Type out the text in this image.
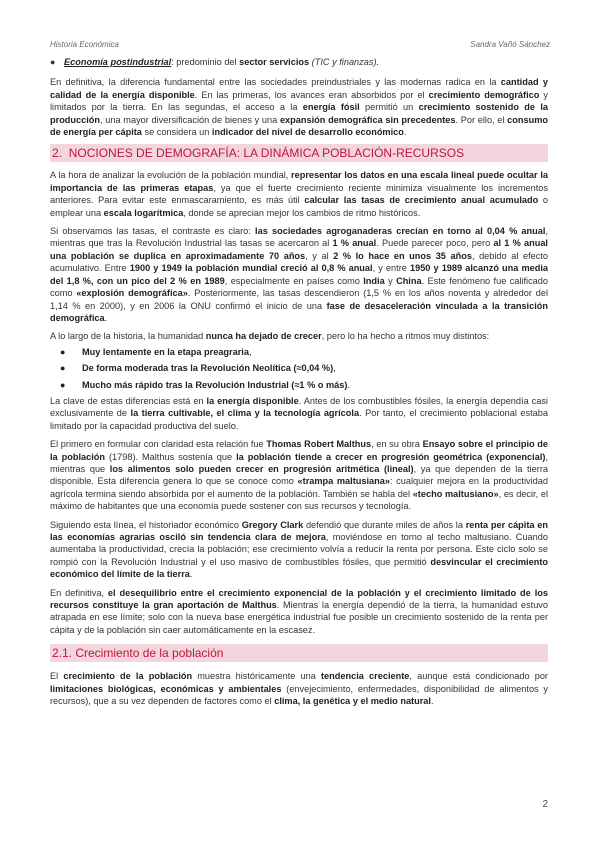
Historia Económica	Sandra Vañó Sánchez
● Economía postindustrial: predominio del sector servicios (TIC y finanzas).

En definitiva, la diferencia fundamental entre las sociedades preindustriales y las modernas radica en la cantidad y calidad de la energía disponible. En las primeras, los avances eran absorbidos por el crecimiento demográfico y limitados por la tierra. En las segundas, el acceso a la energía fósil permitió un crecimiento sostenido de la producción, una mayor diversificación de bienes y una expansión demográfica sin precedentes. Por ello, el consumo de energía per cápita se considera un indicador del nivel de desarrollo económico.

2. NOCIONES DE DEMOGRAFÍA: LA DINÁMICA POBLACIÓN-RECURSOS

A la hora de analizar la evolución de la población mundial, representar los datos en una escala lineal puede ocultar la importancia de las primeras etapas, ya que el fuerte crecimiento reciente minimiza visualmente los incrementos anteriores. Para evitar este enmascaramiento, es más útil calcular las tasas de crecimiento anual acumulado o emplear una escala logarítmica, donde se aprecian mejor los cambios de ritmo históricos.

Si observamos las tasas, el contraste es claro: las sociedades agroganaderas crecían en torno al 0,04 % anual, mientras que tras la Revolución Industrial las tasas se acercaron al 1 % anual. Puede parecer poco, pero al 1 % anual una población se duplica en aproximadamente 70 años, y al 2 % lo hace en unos 35 años, debido al efecto acumulativo. Entre 1900 y 1949 la población mundial creció al 0,8 % anual, y entre 1950 y 1989 alcanzó una media del 1,8 %, con un pico del 2 % en 1989, especialmente en países como India y China. Este fenómeno fue calificado como «explosión demográfica». Posteriormente, las tasas descendieron (1,5 % en los años noventa y alrededor del 1,14 % en 2000), y en 2006 la ONU confirmó el inicio de una fase de desaceleración vinculada a la transición demográfica.

A lo largo de la historia, la humanidad nunca ha dejado de crecer, pero lo ha hecho a ritmos muy distintos:

●	Muy lentamente en la etapa preagraria,
●	De forma moderada tras la Revolución Neolítica (≈0,04 %),
●	Mucho más rápido tras la Revolución Industrial (≈1 % o más).

La clave de estas diferencias está en la energía disponible. Antes de los combustibles fósiles, la energía dependía casi exclusivamente de la tierra cultivable, el clima y la tecnología agrícola. Por tanto, el crecimiento poblacional estaba limitado por la capacidad productiva del suelo.

El primero en formular con claridad esta relación fue Thomas Robert Malthus, en su obra Ensayo sobre el principio de la población (1798). Malthus sostenía que la población tiende a crecer en progresión geométrica (exponencial), mientras que los alimentos solo pueden crecer en progresión aritmética (lineal), ya que dependen de la tierra disponible. Esta diferencia genera lo que se conoce como «trampa maltusiana»: cualquier mejora en la productividad agrícola termina siendo absorbida por el aumento de la población. También se habla del «techo maltusiano», es decir, el máximo de habitantes que una economía puede sostener con sus recursos y tecnología.

Siguiendo esta línea, el historiador económico Gregory Clark defendió que durante miles de años la renta per cápita en las economías agrarias osciló sin tendencia clara de mejora, moviéndose en torno al techo maltusiano. Cuando aumentaba la productividad, crecía la población; ese crecimiento volvía a reducir la renta por persona. Este ciclo solo se rompió con la Revolución Industrial y el uso masivo de combustibles fósiles, que permitió desvincular el crecimiento económico del límite de la tierra.

En definitiva, el desequilibrio entre el crecimiento exponencial de la población y el crecimiento limitado de los recursos constituye la gran aportación de Malthus. Mientras la energía dependió de la tierra, la humanidad estuvo atrapada en ese límite; solo con la nueva base energética industrial fue posible un crecimiento sostenido de la renta per cápita y de la población sin caer automáticamente en la escasez.

2.1. Crecimiento de la población

El crecimiento de la población muestra históricamente una tendencia creciente, aunque está condicionado por limitaciones biológicas, económicas y ambientales (envejecimiento, enfermedades, disponibilidad de alimentos y recursos), que a su vez dependen de factores como el clima, la genética y el medio natural.

2
